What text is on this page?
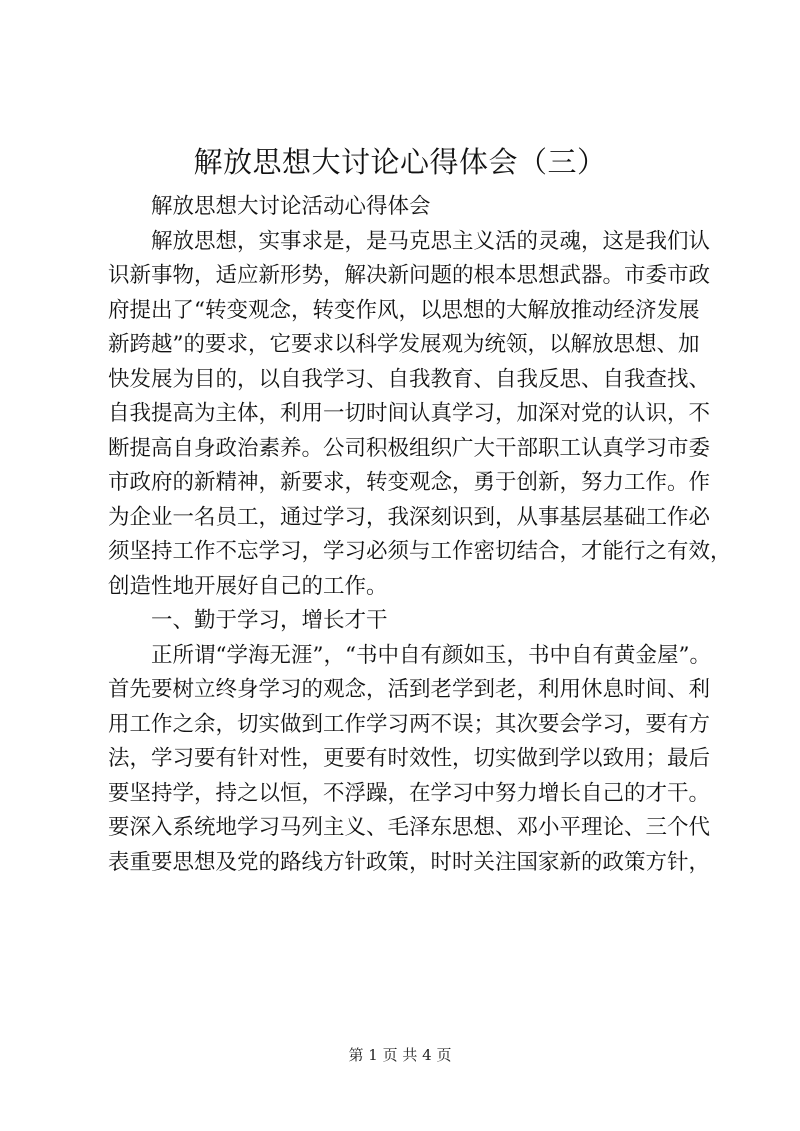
解放思想大讨论心得体会（三）
解放思想大讨论活动心得体会
解放思想，实事求是，是马克思主义活的灵魂，这是我们认
识新事物，适应新形势，解决新问题的根本思想武器。市委市政
府提出了“转变观念，转变作风，以思想的大解放推动经济发展
新跨越”的要求，它要求以科学发展观为统领，以解放思想、加
快发展为目的，以自我学习、自我教育、自我反思、自我查找、
自我提高为主体，利用一切时间认真学习，加深对党的认识，不
断提高自身政治素养。公司积极组织广大干部职工认真学习市委
市政府的新精神，新要求，转变观念，勇于创新，努力工作。作
为企业一名员工，通过学习，我深刻识到，从事基层基础工作必
须坚持工作不忘学习，学习必须与工作密切结合，才能行之有效，
创造性地开展好自己的工作。
一、勤于学习，增长才干
正所谓“学海无涯”，“书中自有颜如玉，书中自有黄金屋”。
首先要树立终身学习的观念，活到老学到老，利用休息时间、利
用工作之余，切实做到工作学习两不误；其次要会学习，要有方
法，学习要有针对性，更要有时效性，切实做到学以致用；最后
要坚持学，持之以恒，不浮躁，在学习中努力增长自己的才干。
要深入系统地学习马列主义、毛泽东思想、邓小平理论、三个代
表重要思想及党的路线方针政策，时时关注国家新的政策方针，
第 1 页 共 4 页
